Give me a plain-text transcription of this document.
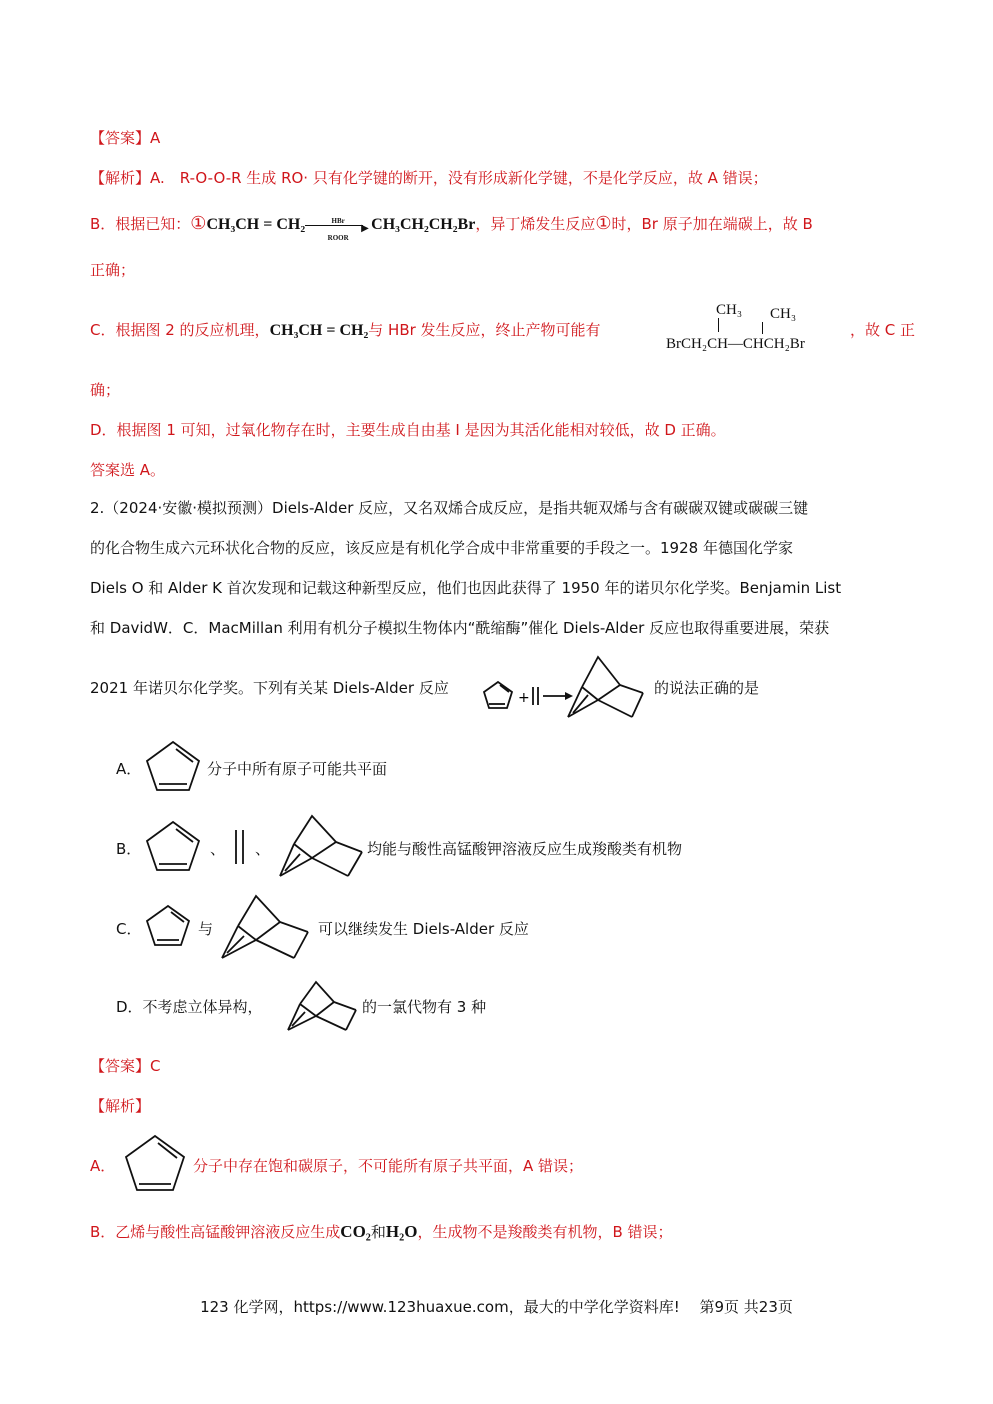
【答案】A
【解析】A.　R-O-O-R 生成 RO· 只有化学键的断开，没有形成新化学键，不是化学反应，故 A 错误；
B．根据已知：①CH₃CH = CH₂	HBr
▶
ROOR
CH₃CH₂CH₂Br，异丁烯发生反应①时，Br 原子加在端碳上，故 B
正确；
C．根据图 2 的反应机理，CH₃CH = CH₂与 HBr 发生反应，终止产物可能有
CH₃ CH₃
BrCH₂CH—CHCH₂Br
，故 C 正
确；
D．根据图 1 可知，过氧化物存在时，主要生成自由基 I 是因为其活化能相对较低，故 D 正确。
答案选 A。
2.（2024·安徽·模拟预测）Diels-Alder 反应，又名双烯合成反应，是指共轭双烯与含有碳碳双键或碳碳三键
的化合物生成六元环状化合物的反应，该反应是有机化学合成中非常重要的手段之一。1928 年德国化学家
Diels O 和 Alder K 首次发现和记载这种新型反应，他们也因此获得了 1950 年的诺贝尔化学奖。Benjamin List
和 DavidW．C．MacMillan 利用有机分子模拟生物体内“酰缩酶”催化 Diels-Alder 反应也取得重要进展，荣获
2021 年诺贝尔化学奖。下列有关某 Diels-Alder 反应
+
的说法正确的是
A．	分子中所有原子可能共平面
B．	、 、	均能与酸性高锰酸钾溶液反应生成羧酸类有机物
C．	与	可以继续发生 Diels-Alder 反应
D．不考虑立体异构，	的一氯代物有 3 种
【答案】C
【解析】
A．	分子中存在饱和碳原子，不可能所有原子共平面，A 错误；
B．乙烯与酸性高锰酸钾溶液反应生成CO₂和H₂O，生成物不是羧酸类有机物，B 错误；
123 化学网，https://www.123huaxue.com，最大的中学化学资料库!　 第9页 共23页
